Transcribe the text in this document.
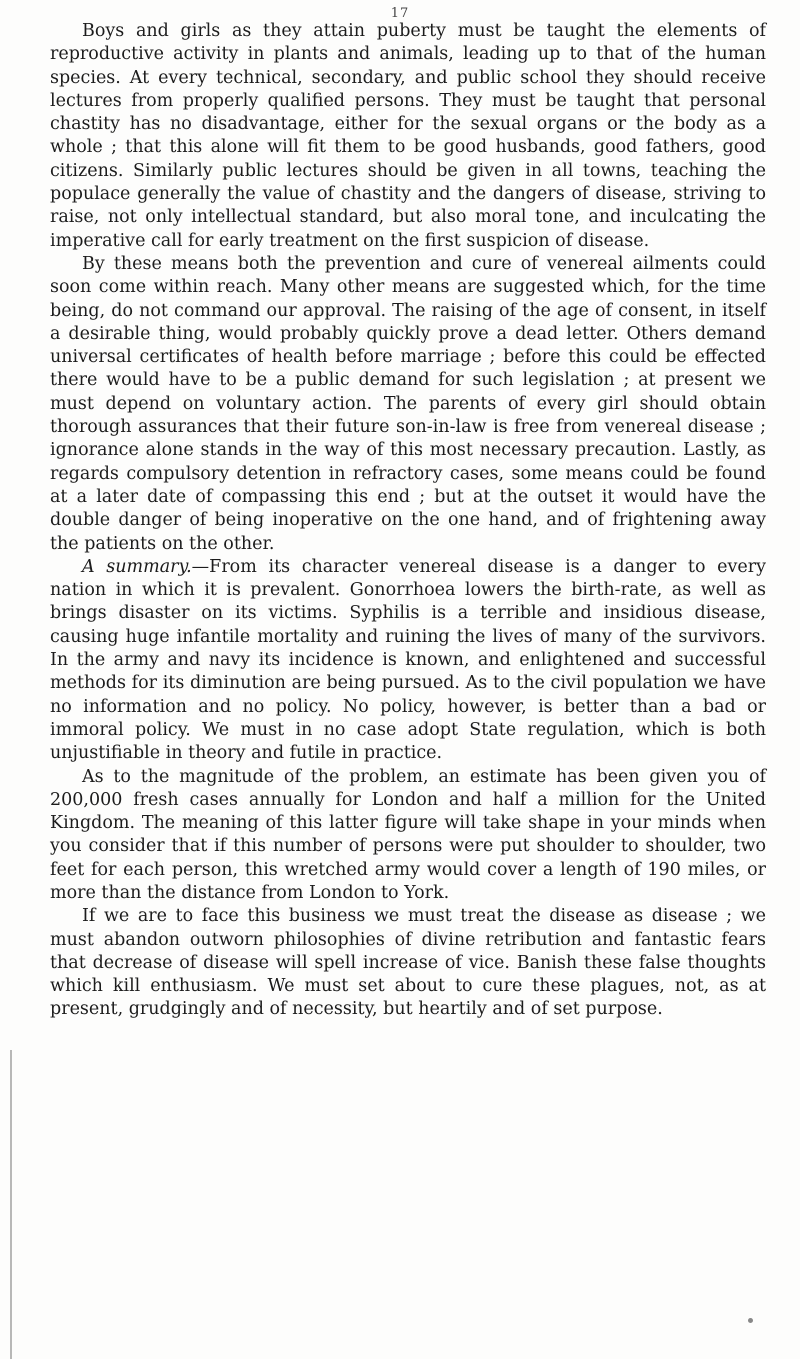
17

Boys and girls as they attain puberty must be taught the elements of reproductive activity in plants and animals, leading up to that of the human species. At every technical, secondary, and public school they should receive lectures from properly qualified persons. They must be taught that personal chastity has no disadvantage, either for the sexual organs or the body as a whole ; that this alone will fit them to be good husbands, good fathers, good citizens. Similarly public lectures should be given in all towns, teaching the populace generally the value of chastity and the dangers of disease, striving to raise, not only intellectual standard, but also moral tone, and inculcating the imperative call for early treatment on the first suspicion of disease.

By these means both the prevention and cure of venereal ailments could soon come within reach. Many other means are suggested which, for the time being, do not command our approval. The raising of the age of consent, in itself a desirable thing, would probably quickly prove a dead letter. Others demand universal certificates of health before marriage ; before this could be effected there would have to be a public demand for such legislation ; at present we must depend on voluntary action. The parents of every girl should obtain thorough assurances that their future son-in-law is free from venereal disease ; ignorance alone stands in the way of this most necessary precaution. Lastly, as regards compulsory detention in refractory cases, some means could be found at a later date of compassing this end ; but at the outset it would have the double danger of being inoperative on the one hand, and of frightening away the patients on the other.

A summary.—From its character venereal disease is a danger to every nation in which it is prevalent. Gonorrhoea lowers the birth-rate, as well as brings disaster on its victims. Syphilis is a terrible and insidious disease, causing huge infantile mortality and ruining the lives of many of the survivors. In the army and navy its incidence is known, and enlightened and successful methods for its diminution are being pursued. As to the civil population we have no information and no policy. No policy, however, is better than a bad or immoral policy. We must in no case adopt State regulation, which is both unjustifiable in theory and futile in practice.

As to the magnitude of the problem, an estimate has been given you of 200,000 fresh cases annually for London and half a million for the United Kingdom. The meaning of this latter figure will take shape in your minds when you consider that if this number of persons were put shoulder to shoulder, two feet for each person, this wretched army would cover a length of 190 miles, or more than the distance from London to York.

If we are to face this business we must treat the disease as disease ; we must abandon outworn philosophies of divine retribution and fantastic fears that decrease of disease will spell increase of vice. Banish these false thoughts which kill enthusiasm. We must set about to cure these plagues, not, as at present, grudgingly and of necessity, but heartily and of set purpose.
